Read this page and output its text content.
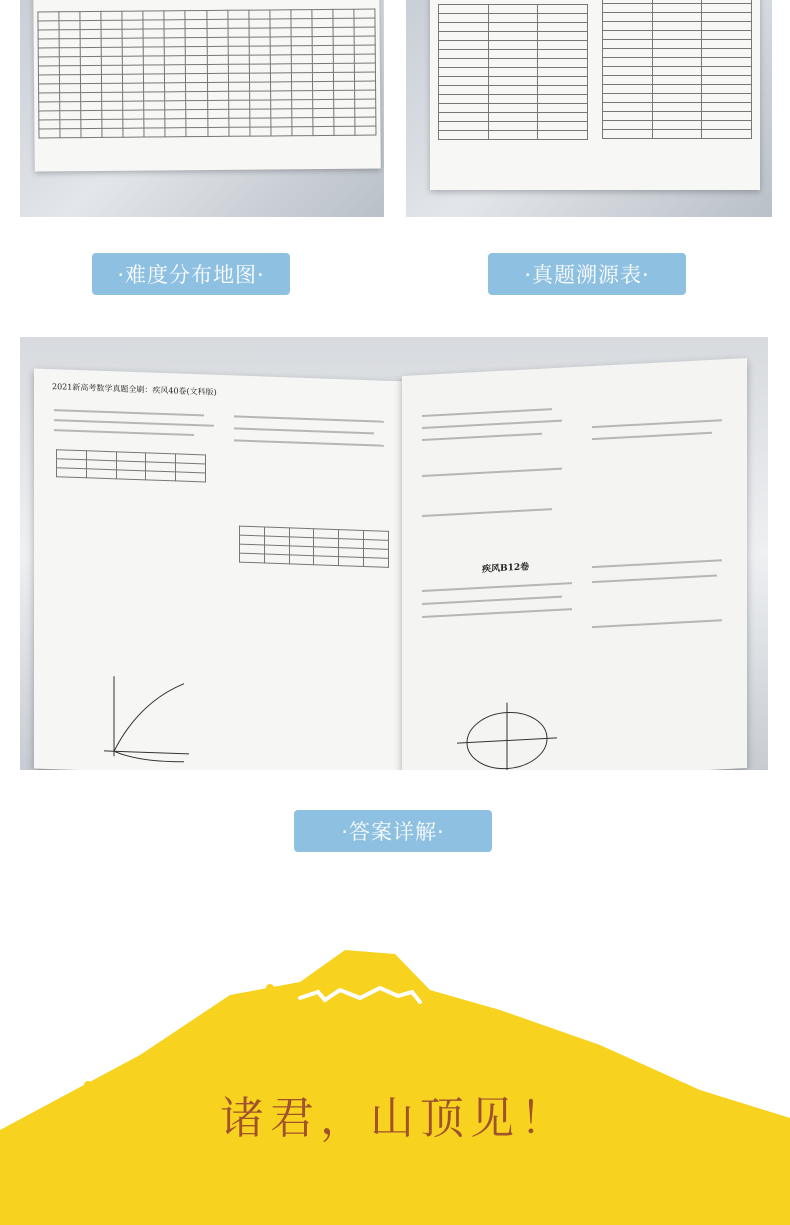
·难度分布地图·	·真题溯源表·
2021新高考数学真题全刷：疾风40卷(文科版)

疾风B12卷
·答案详解·
诸君，山顶见！
